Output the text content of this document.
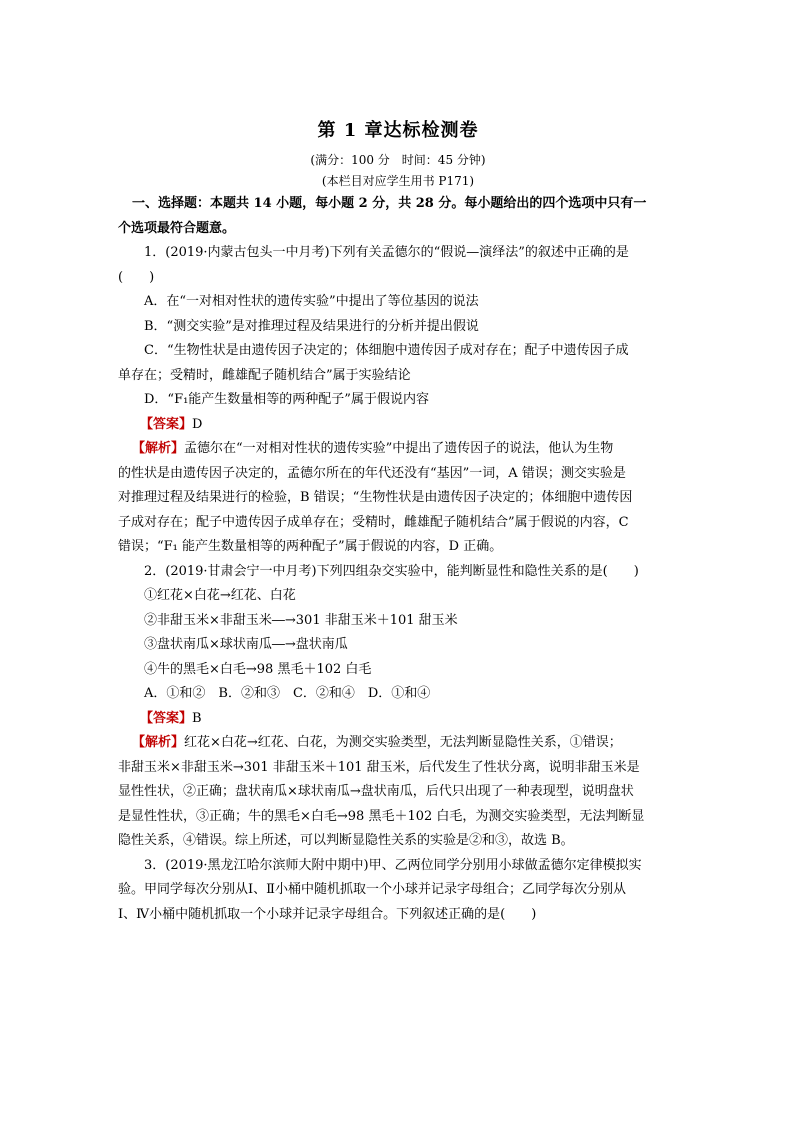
第 1 章达标检测卷
(满分：100 分　时间：45 分钟)
(本栏目对应学生用书 P171)
一、选择题：本题共 14 小题，每小题 2 分，共 28 分。每小题给出的四个选项中只有一
个选项最符合题意。
1．(2019·内蒙古包头一中月考)下列有关孟德尔的“假说—演绎法”的叙述中正确的是
(　　)
A．在“一对相对性状的遗传实验”中提出了等位基因的说法
B．“测交实验”是对推理过程及结果进行的分析并提出假说
C．“生物性状是由遗传因子决定的；体细胞中遗传因子成对存在；配子中遗传因子成
单存在；受精时，雌雄配子随机结合”属于实验结论
D．“F₁能产生数量相等的两种配子”属于假说内容
【答案】D
【解析】孟德尔在“一对相对性状的遗传实验”中提出了遗传因子的说法，他认为生物
的性状是由遗传因子决定的，孟德尔所在的年代还没有“基因”一词，A 错误；测交实验是
对推理过程及结果进行的检验，B 错误；“生物性状是由遗传因子决定的；体细胞中遗传因
子成对存在；配子中遗传因子成单存在；受精时，雌雄配子随机结合”属于假说的内容，C
错误；“F₁ 能产生数量相等的两种配子”属于假说的内容，D 正确。
2．(2019·甘肃会宁一中月考)下列四组杂交实验中，能判断显性和隐性关系的是(　　)
①红花×白花→红花、白花
②非甜玉米×非甜玉米―→301 非甜玉米＋101 甜玉米
③盘状南瓜×球状南瓜―→盘状南瓜
④牛的黑毛×白毛→98 黑毛＋102 白毛
A．①和②　B．②和③　C．②和④　D．①和④
【答案】B
【解析】红花×白花→红花、白花，为测交实验类型，无法判断显隐性关系，①错误；
非甜玉米×非甜玉米→301 非甜玉米＋101 甜玉米，后代发生了性状分离，说明非甜玉米是
显性性状，②正确；盘状南瓜×球状南瓜→盘状南瓜，后代只出现了一种表现型，说明盘状
是显性性状，③正确；牛的黑毛×白毛→98 黑毛＋102 白毛，为测交实验类型，无法判断显
隐性关系，④错误。综上所述，可以判断显隐性关系的实验是②和③，故选 B。
3．(2019·黑龙江哈尔滨师大附中期中)甲、乙两位同学分别用小球做孟德尔定律模拟实
验。甲同学每次分别从Ⅰ、Ⅱ小桶中随机抓取一个小球并记录字母组合；乙同学每次分别从
Ⅰ、Ⅳ小桶中随机抓取一个小球并记录字母组合。下列叙述正确的是(　　)
